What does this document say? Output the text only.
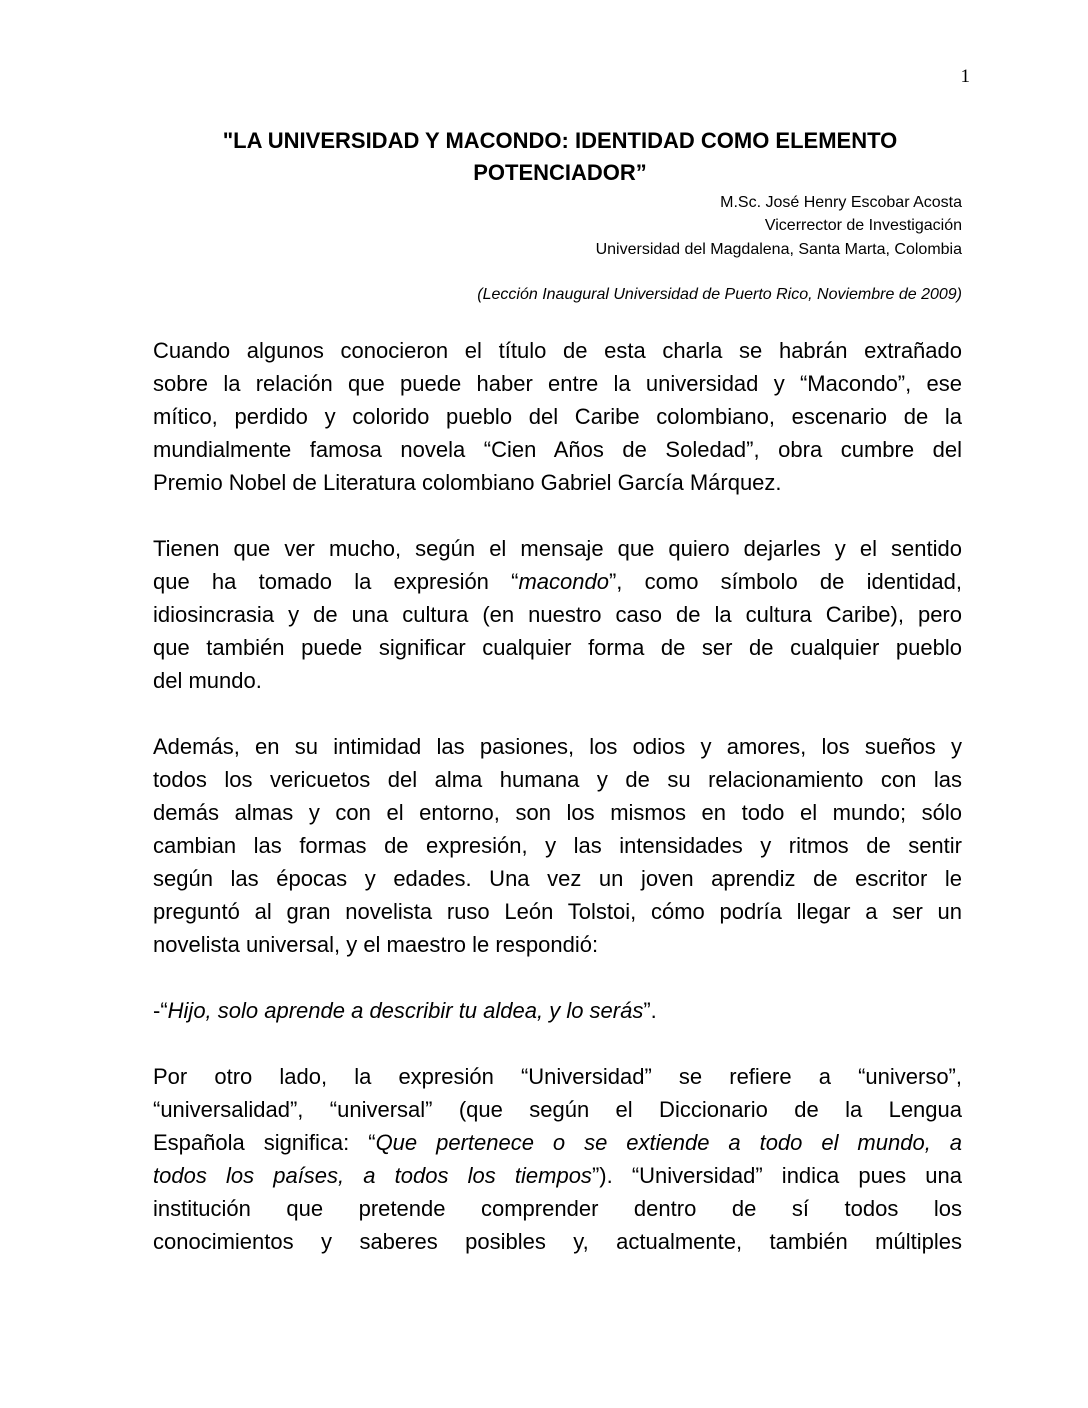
1
"LA UNIVERSIDAD Y MACONDO: IDENTIDAD COMO ELEMENTO
POTENCIADOR”
M.Sc. José Henry Escobar Acosta
Vicerrector de Investigación
Universidad del Magdalena, Santa Marta, Colombia
(Lección Inaugural Universidad de Puerto Rico, Noviembre de 2009)
Cuando algunos conocieron el título de esta charla se habrán extrañado
sobre la relación que puede haber entre la universidad y “Macondo”, ese
mítico, perdido y colorido pueblo del Caribe colombiano, escenario de la
mundialmente famosa novela “Cien Años de Soledad”, obra cumbre del
Premio Nobel de Literatura colombiano Gabriel García Márquez.
Tienen que ver mucho, según el mensaje que quiero dejarles y el sentido
que ha tomado la expresión “macondo”, como símbolo de identidad,
idiosincrasia y de una cultura (en nuestro caso de la cultura Caribe), pero
que también puede significar cualquier forma de ser de cualquier pueblo
del mundo.
Además, en su intimidad las pasiones, los odios y amores, los sueños y
todos los vericuetos del alma humana y de su relacionamiento con las
demás almas y con el entorno, son los mismos en todo el mundo; sólo
cambian las formas de expresión, y las intensidades y ritmos de sentir
según las épocas y edades. Una vez un joven aprendiz de escritor le
preguntó al gran novelista ruso León Tolstoi, cómo podría llegar a ser un
novelista universal, y el maestro le respondió:
-“Hijo, solo aprende a describir tu aldea, y lo serás”.
Por otro lado, la expresión “Universidad” se refiere a “universo”,
“universalidad”, “universal” (que según el Diccionario de la Lengua
Española significa: “Que pertenece o se extiende a todo el mundo, a
todos los países, a todos los tiempos”). “Universidad” indica pues una
institución que pretende comprender dentro de sí todos los
conocimientos y saberes posibles y, actualmente, también múltiples
